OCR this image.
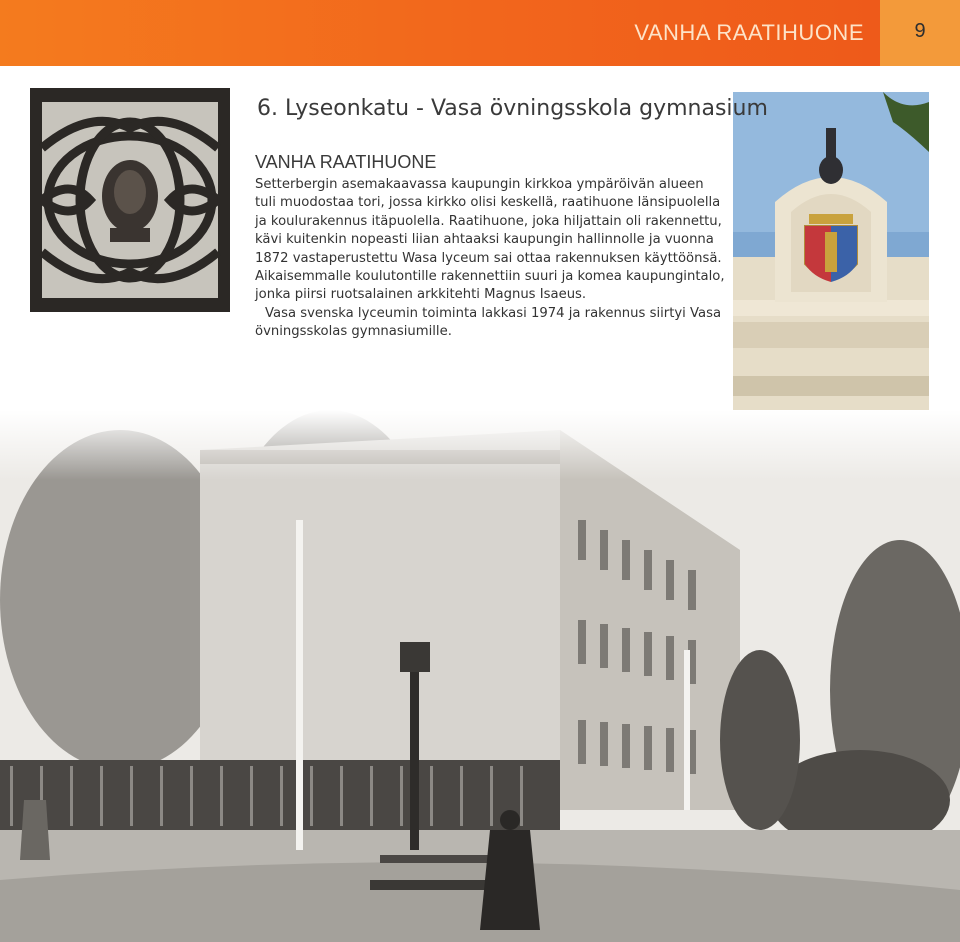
VANHA RAATIHUONE	9
6. Lyseonkatu - Vasa övningsskola gymnasium
VANHA RAATIHUONE

Setterbergin asemakaavassa kaupungin kirkkoa ympäröivän alueen tuli muodostaa tori, jossa kirkko olisi keskellä, raatihuone länsipuolella ja koulurakennus itäpuolella. Raatihuone, joka hiljattain oli rakennettu, kävi kuitenkin nopeasti liian ahtaaksi kaupungin hallinnolle ja vuonna 1872 vastaperustettu Wasa lyceum sai ottaa rakennuksen käyttöönsä. Aikaisemmalle koulutontille rakennettiin suuri ja komea kaupungintalo, jonka piirsi ruotsalainen arkkitehti Magnus Isaeus.

Vasa svenska lyceumin toiminta lakkasi 1974 ja rakennus siirtyi Vasa övningsskolas gymnasiumille.
